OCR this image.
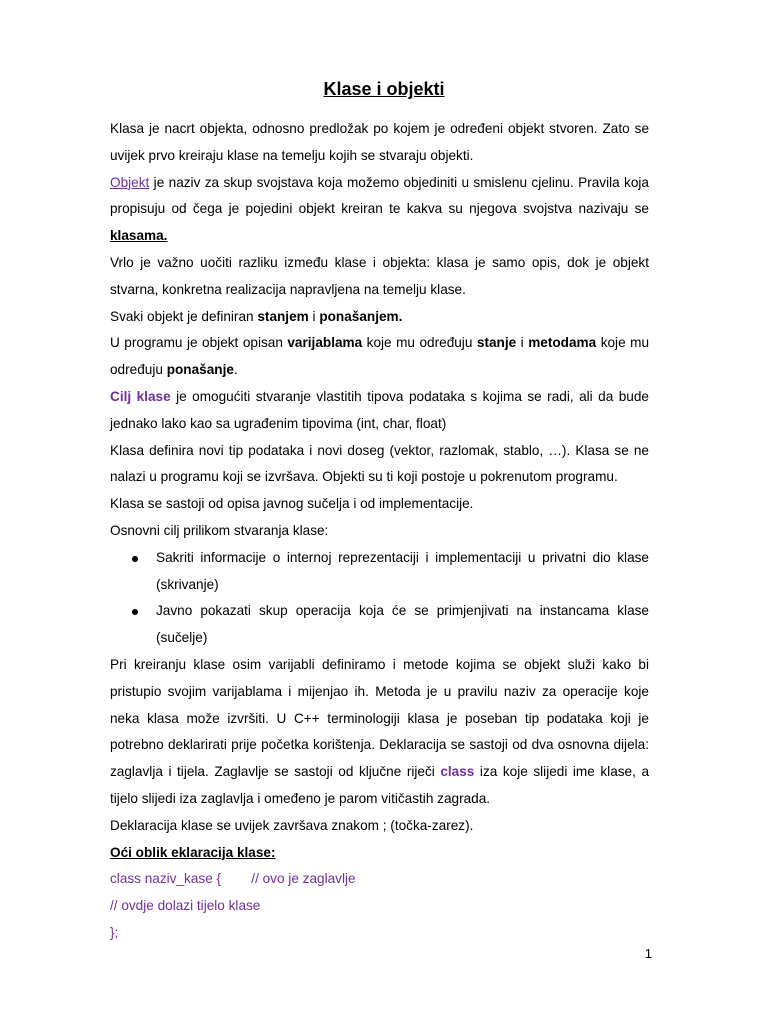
Klase i objekti

Klasa je nacrt objekta, odnosno predložak po kojem je određeni objekt stvoren. Zato se uvijek prvo kreiraju klase na temelju kojih se stvaraju objekti.

Objekt je naziv za skup svojstava koja možemo objediniti u smislenu cjelinu. Pravila koja propisuju od čega je pojedini objekt kreiran te kakva su njegova svojstva nazivaju se klasama.

Vrlo je važno uočiti razliku između klase i objekta: klasa je samo opis, dok je objekt stvarna, konkretna realizacija napravljena na temelju klase.

Svaki objekt je definiran stanjem i ponašanjem.

U programu je objekt opisan varijablama koje mu određuju stanje i metodama koje mu određuju ponašanje.

Cilj klase je omogućiti stvaranje vlastitih tipova podataka s kojima se radi, ali da bude jednako lako kao sa ugrađenim tipovima (int, char, float)

Klasa definira novi tip podataka i novi doseg (vektor, razlomak, stablo, …). Klasa se ne nalazi u programu koji se izvršava. Objekti su ti koji postoje u pokrenutom programu.

Klasa se sastoji od opisa javnog sučelja i od implementacije.

Osnovni cilj prilikom stvaranja klase:

Sakriti informacije o internoj reprezentaciji i implementaciji u privatni dio klase (skrivanje)
Javno pokazati skup operacija koja će se primjenjivati na instancama klase (sučelje)

Pri kreiranju klase osim varijabli definiramo i metode kojima se objekt služi kako bi pristupio svojim varijablama i mijenjao ih. Metoda je u pravilu naziv za operacije koje neka klasa može izvršiti. U C++ terminologiji klasa je poseban tip podataka koji je potrebno deklarirati prije početka korištenja. Deklaracija se sastoji od dva osnovna dijela: zaglavlja i tijela. Zaglavlje se sastoji od ključne riječi class iza koje slijedi ime klase, a tijelo slijedi iza zaglavlja i omeđeno je parom vitičastih zagrada.

Deklaracija klase se uvijek završava znakom ; (točka-zarez).

Oći oblik eklaracija klase:

class naziv_kase {        // ovo je zaglavlje

// ovdje dolazi tijelo klase

};

1
